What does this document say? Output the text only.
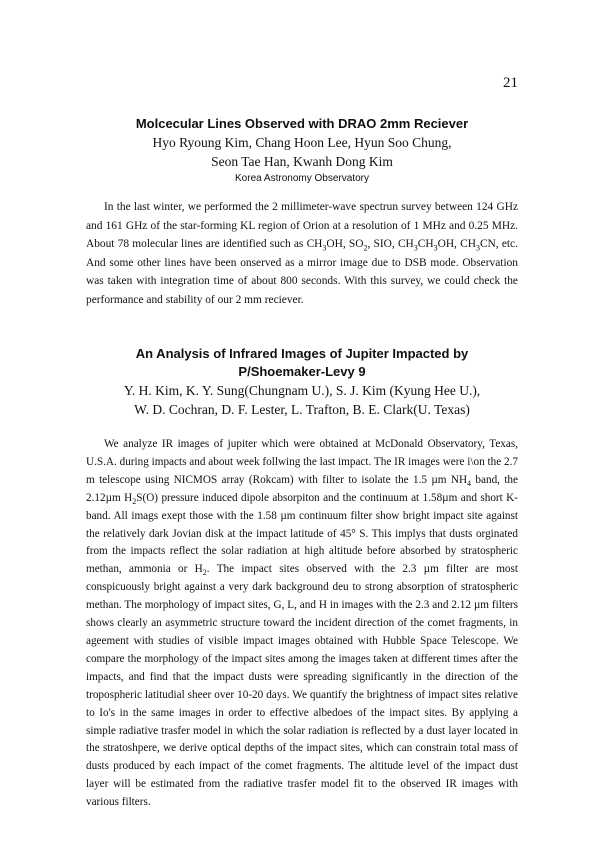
21
Molcecular Lines Observed with DRAO 2mm Reciever

Hyo Ryoung Kim, Chang Hoon Lee, Hyun Soo Chung,
Seon Tae Han, Kwanh Dong Kim

Korea Astronomy Observatory

In the last winter, we performed the 2 millimeter-wave spectrun survey between 124 GHz and 161 GHz of the star-forming KL region of Orion at a resolution of 1 MHz and 0.25 MHz. About 78 molecular lines are identified such as $CH_3OH$, $SO_2$, SIO, $CH_3CH_3OH$, $CH_3CN$, etc. And some other lines have been onserved as a mirror image due to DSB mode. Observation was taken with integration time of about 800 seconds. With this survey, we could check the performance and stability of our 2 mm reciever.

An Analysis of Infrared Images of Jupiter Impacted by
P/Shoemaker-Levy 9

Y. H. Kim, K. Y. Sung(Chungnam U.), S. J. Kim (Kyung Hee U.),
W. D. Cochran, D. F. Lester, L. Trafton, B. E. Clark(U. Texas)

We analyze IR images of jupiter which were obtained at McDonald Observatory, Texas, U.S.A. during impacts and about week follwing the last impact. The IR images were i\on the 2.7 m telescope using NICMOS array (Rokcam) with filter to isolate the 1.5 µm $NH_4$ band, the 2.12µm $H_2S(O)$ pressure induced dipole absorpiton and the continuum at 1.58µm and short K-band. All imags exept those with the 1.58 µm continuum filter show bright impact site against the relatively dark Jovian disk at the impact latitude of 45° S. This implys that dusts orginated from the impacts reflect the solar radiation at high altitude before absorbed by stratospheric methan, ammonia or $H_2$. The impact sites observed with the 2.3 µm filter are most conspicuously bright against a very dark background deu to strong absorption of stratospheric methan. The morphology of impact sites, G, L, and H in images with the 2.3 and 2.12 µm filters shows clearly an asymmetric structure toward the incident direction of the comet fragments, in ageement with studies of visible impact images obtained with Hubble Space Telescope. We compare the morphology of the impact sites among the images taken at different times after the impacts, and find that the impact dusts were spreading significantly in the direction of the tropospheric latitudial sheer over 10-20 days. We quantify the brightness of impact sites relative to Io's in the same images in order to effective albedoes of the impact sites. By applying a simple radiative trasfer model in which the solar radiation is reflected by a dust layer located in the stratoshpere, we derive optical depths of the impact sites, which can constrain total mass of dusts produced by each impact of the comet fragments. The altitude level of the impact dust layer will be estimated from the radiative trasfer model fit to the observed IR images with various filters.
